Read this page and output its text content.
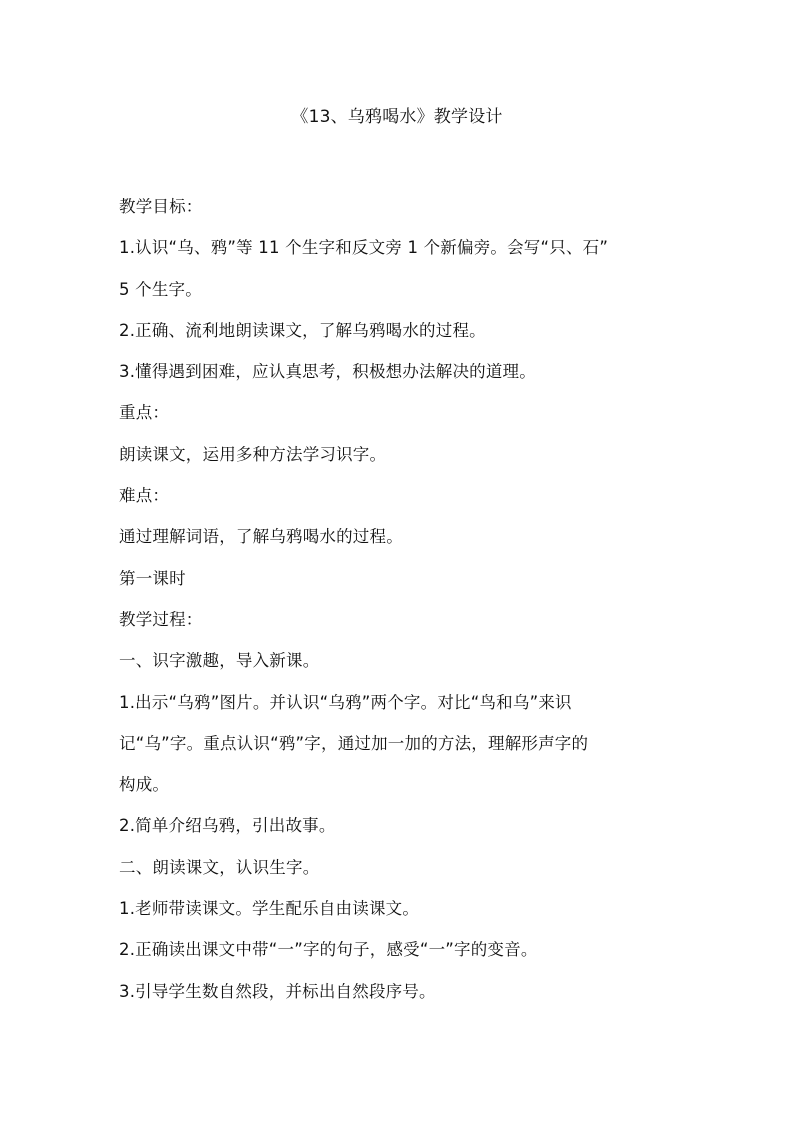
《13、乌鸦喝水》教学设计
教学目标：
1.认识“乌、鸦”等 11 个生字和反文旁 1 个新偏旁。会写“只、石”
5 个生字。
2.正确、流利地朗读课文，了解乌鸦喝水的过程。
3.懂得遇到困难，应认真思考，积极想办法解决的道理。
重点：
朗读课文，运用多种方法学习识字。
难点：
通过理解词语，了解乌鸦喝水的过程。
第一课时
教学过程：
一、识字激趣，导入新课。
1.出示“乌鸦”图片。并认识“乌鸦”两个字。对比“鸟和乌”来识
记“乌”字。重点认识“鸦”字，通过加一加的方法，理解形声字的
构成。
2.简单介绍乌鸦，引出故事。
二、朗读课文，认识生字。
1.老师带读课文。学生配乐自由读课文。
2.正确读出课文中带“一”字的句子，感受“一”字的变音。
3.引导学生数自然段，并标出自然段序号。
